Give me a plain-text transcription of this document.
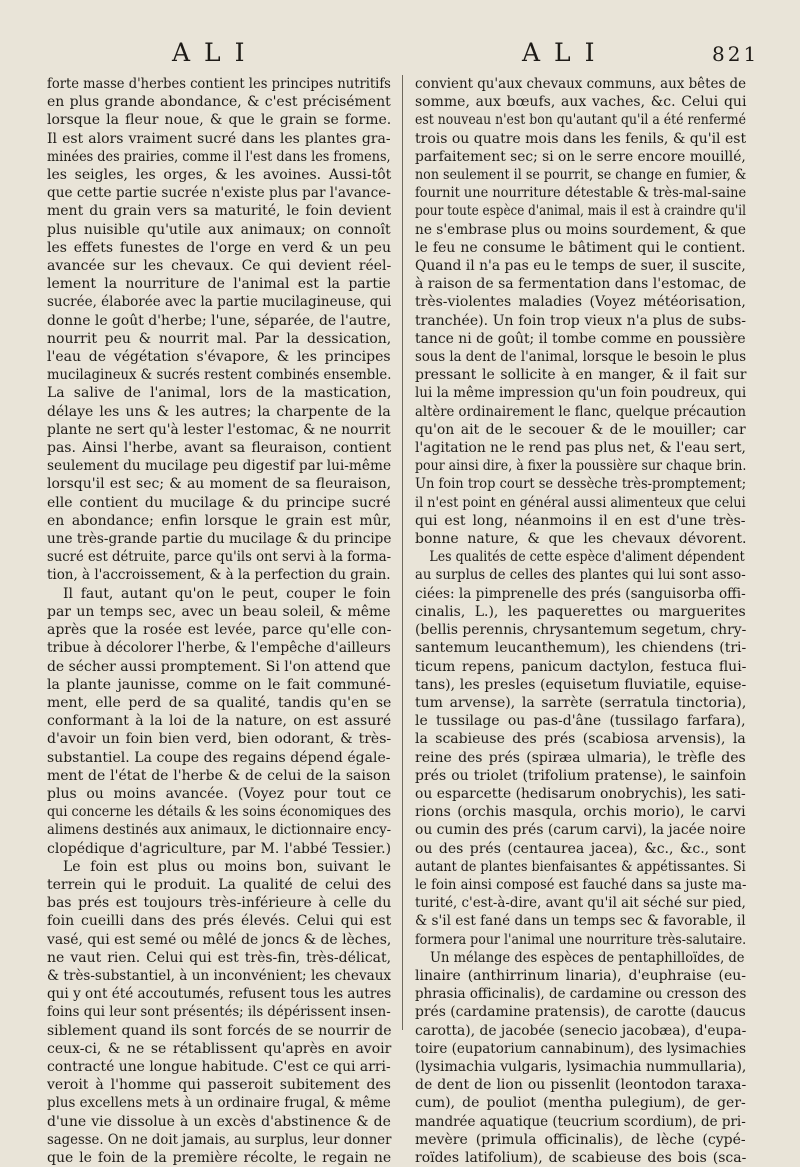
ALI	ALI	821
forte masse d'herbes contient les principes nutritifs
en plus grande abondance, & c'est précisément
lorsque la fleur noue, & que le grain se forme.
Il est alors vraiment sucré dans les plantes gra-
minées des prairies, comme il l'est dans les fromens,
les seigles, les orges, & les avoines. Aussi-tôt
que cette partie sucrée n'existe plus par l'avance-
ment du grain vers sa maturité, le foin devient
plus nuisible qu'utile aux animaux; on connoît
les effets funestes de l'orge en verd & un peu
avancée sur les chevaux. Ce qui devient réel-
lement la nourriture de l'animal est la partie
sucrée, élaborée avec la partie mucilagineuse, qui
donne le goût d'herbe; l'une, séparée, de l'autre,
nourrit peu & nourrit mal. Par la dessication,
l'eau de végétation s'évapore, & les principes
mucilagineux & sucrés restent combinés ensemble.
La salive de l'animal, lors de la mastication,
délaye les uns & les autres; la charpente de la
plante ne sert qu'à lester l'estomac, & ne nourrit
pas. Ainsi l'herbe, avant sa fleuraison, contient
seulement du mucilage peu digestif par lui-même
lorsqu'il est sec; & au moment de sa fleuraison,
elle contient du mucilage & du principe sucré
en abondance; enfin lorsque le grain est mûr,
une très-grande partie du mucilage & du principe
sucré est détruite, parce qu'ils ont servi à la forma-
tion, à l'accroissement, & à la perfection du grain.
Il faut, autant qu'on le peut, couper le foin
par un temps sec, avec un beau soleil, & même
après que la rosée est levée, parce qu'elle con-
tribue à décolorer l'herbe, & l'empêche d'ailleurs
de sécher aussi promptement. Si l'on attend que
la plante jaunisse, comme on le fait communé-
ment, elle perd de sa qualité, tandis qu'en se
conformant à la loi de la nature, on est assuré
d'avoir un foin bien verd, bien odorant, & très-
substantiel. La coupe des regains dépend égale-
ment de l'état de l'herbe & de celui de la saison
plus ou moins avancée. (Voyez pour tout ce
qui concerne les détails & les soins économiques des
alimens destinés aux animaux, le dictionnaire ency-
clopédique d'agriculture, par M. l'abbé Tessier.)
Le foin est plus ou moins bon, suivant le
terrein qui le produit. La qualité de celui des
bas prés est toujours très-inférieure à celle du
foin cueilli dans des prés élevés. Celui qui est
vasé, qui est semé ou mêlé de joncs & de lèches,
ne vaut rien. Celui qui est très-fin, très-délicat,
& très-substantiel, à un inconvénient; les chevaux
qui y ont été accoutumés, refusent tous les autres
foins qui leur sont présentés; ils dépérissent insen-
siblement quand ils sont forcés de se nourrir de
ceux-ci, & ne se rétablissent qu'après en avoir
contracté une longue habitude. C'est ce qui arri-
veroit à l'homme qui passeroit subitement des
plus excellens mets à un ordinaire frugal, & même
d'une vie dissolue à un excès d'abstinence & de
sagesse. On ne doit jamais, au surplus, leur donner
que le foin de la première récolte, le regain ne
convient qu'aux chevaux communs, aux bêtes de
somme, aux bœufs, aux vaches, &c. Celui qui
est nouveau n'est bon qu'autant qu'il a été renfermé
trois ou quatre mois dans les fenils, & qu'il est
parfaitement sec; si on le serre encore mouillé,
non seulement il se pourrit, se change en fumier, &
fournit une nourriture détestable & très-mal-saine
pour toute espèce d'animal, mais il est à craindre qu'il
ne s'embrase plus ou moins sourdement, & que
le feu ne consume le bâtiment qui le contient.
Quand il n'a pas eu le temps de suer, il suscite,
à raison de sa fermentation dans l'estomac, de
très-violentes maladies (Voyez météorisation,
tranchée). Un foin trop vieux n'a plus de subs-
tance ni de goût; il tombe comme en poussière
sous la dent de l'animal, lorsque le besoin le plus
pressant le sollicite à en manger, & il fait sur
lui la même impression qu'un foin poudreux, qui
altère ordinairement le flanc, quelque précaution
qu'on ait de le secouer & de le mouiller; car
l'agitation ne le rend pas plus net, & l'eau sert,
pour ainsi dire, à fixer la poussière sur chaque brin.
Un foin trop court se dessèche très-promptement;
il n'est point en général aussi alimenteux que celui
qui est long, néanmoins il en est d'une très-
bonne nature, & que les chevaux dévorent.
Les qualités de cette espèce d'aliment dépendent
au surplus de celles des plantes qui lui sont asso-
ciées: la pimprenelle des prés (sanguisorba offi-
cinalis, L.), les paquerettes ou marguerites
(bellis perennis, chrysantemum segetum, chry-
santemum leucanthemum), les chiendens (tri-
ticum repens, panicum dactylon, festuca flui-
tans), les presles (equisetum fluviatile, equise-
tum arvense), la sarrète (serratula tinctoria),
le tussilage ou pas-d'âne (tussilago farfara),
la scabieuse des prés (scabiosa arvensis), la
reine des prés (spiræa ulmaria), le trèfle des
prés ou triolet (trifolium pratense), le sainfoin
ou esparcette (hedisarum onobrychis), les sati-
rions (orchis masqula, orchis morio), le carvi
ou cumin des prés (carum carvi), la jacée noire
ou des prés (centaurea jacea), &c., &c., sont
autant de plantes bienfaisantes & appétissantes. Si
le foin ainsi composé est fauché dans sa juste ma-
turité, c'est-à-dire, avant qu'il ait séché sur pied,
& s'il est fané dans un temps sec & favorable, il
formera pour l'animal une nourriture très-salutaire.
Un mélange des espèces de pentaphilloïdes, de
linaire (anthirrinum linaria), d'euphraise (eu-
phrasia officinalis), de cardamine ou cresson des
prés (cardamine pratensis), de carotte (daucus
carotta), de jacobée (senecio jacobæa), d'eupa-
toire (eupatorium cannabinum), des lysimachies
(lysimachia vulgaris, lysimachia nummullaria),
de dent de lion ou pissenlit (leontodon taraxa-
cum), de pouliot (mentha pulegium), de ger-
mandrée aquatique (teucrium scordium), de pri-
mevère (primula officinalis), de lèche (cypé-
roïdes latifolium), de scabieuse des bois (sca-
